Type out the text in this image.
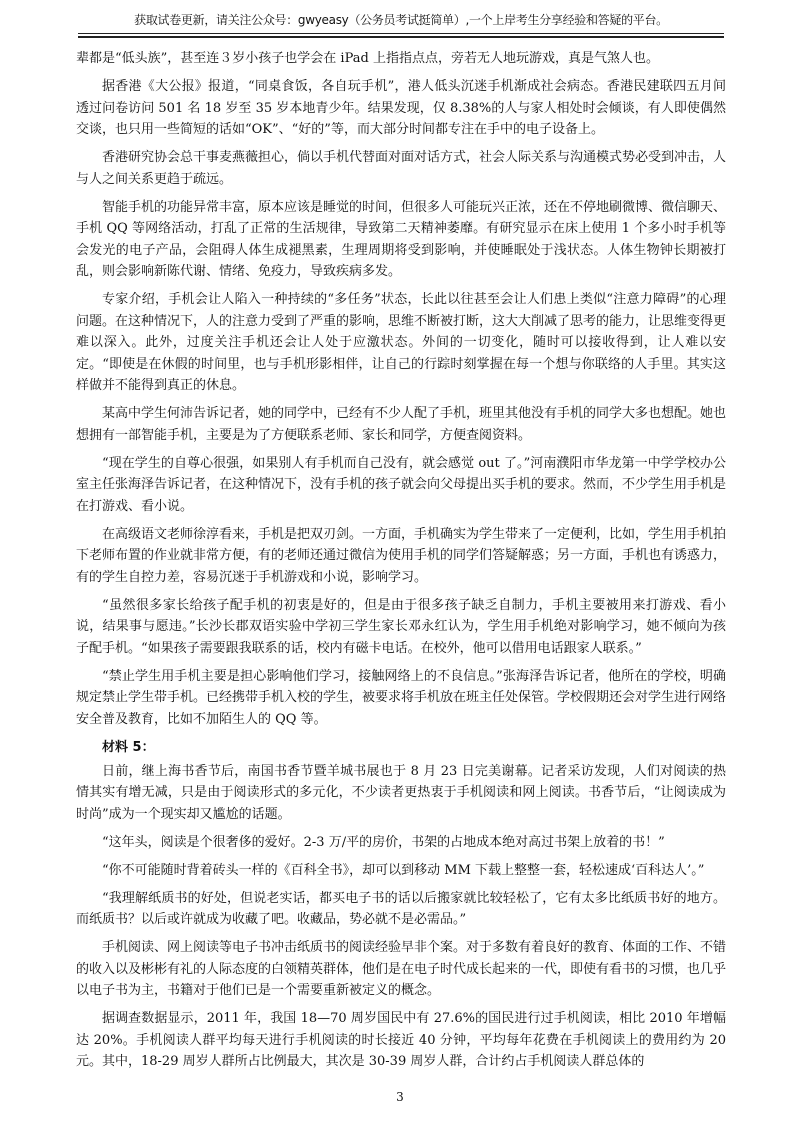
获取试卷更新，请关注公众号：gwyeasy（公务员考试挺简单）,一个上岸考生分享经验和答疑的平台。

辈都是“低头族”，甚至连３岁小孩子也学会在 iPad 上指指点点，旁若无人地玩游戏，真是气煞人也。

据香港《大公报》报道，“同桌食饭，各自玩手机”，港人低头沉迷手机渐成社会病态。香港民建联四五月间透过问卷访问 501 名 18 岁至 35 岁本地青少年。结果发现，仅 8.38%的人与家人相处时会倾谈，有人即使偶然交谈，也只用一些简短的话如“OK”、“好的”等，而大部分时间都专注在手中的电子设备上。

香港研究协会总干事麦燕薇担心，倘以手机代替面对面对话方式，社会人际关系与沟通模式势必受到冲击，人与人之间关系更趋于疏远。

智能手机的功能异常丰富，原本应该是睡觉的时间，但很多人可能玩兴正浓，还在不停地刷微博、微信聊天、手机 QQ 等网络活动，打乱了正常的生活规律，导致第二天精神萎靡。有研究显示在床上使用 1 个多小时手机等会发光的电子产品，会阻碍人体生成褪黑素，生理周期将受到影响，并使睡眠处于浅状态。人体生物钟长期被打乱，则会影响新陈代谢、情绪、免疫力，导致疾病多发。

专家介绍，手机会让人陷入一种持续的“多任务”状态，长此以往甚至会让人们患上类似“注意力障碍”的心理问题。在这种情况下，人的注意力受到了严重的影响，思维不断被打断，这大大削减了思考的能力，让思维变得更难以深入。此外，过度关注手机还会让人处于应激状态。外间的一切变化，随时可以接收得到，让人难以安定。“即使是在休假的时间里，也与手机形影相伴，让自己的行踪时刻掌握在每一个想与你联络的人手里。其实这样做并不能得到真正的休息。

某高中学生何沛告诉记者，她的同学中，已经有不少人配了手机，班里其他没有手机的同学大多也想配。她也想拥有一部智能手机，主要是为了方便联系老师、家长和同学，方便查阅资料。

“现在学生的自尊心很强，如果别人有手机而自己没有，就会感觉 out 了。”河南濮阳市华龙第一中学学校办公室主任张海泽告诉记者，在这种情况下，没有手机的孩子就会向父母提出买手机的要求。然而，不少学生用手机是在打游戏、看小说。

在高级语文老师徐淳看来，手机是把双刃剑。一方面，手机确实为学生带来了一定便利，比如，学生用手机拍下老师布置的作业就非常方便，有的老师还通过微信为使用手机的同学们答疑解惑；另一方面，手机也有诱惑力，有的学生自控力差，容易沉迷于手机游戏和小说，影响学习。

“虽然很多家长给孩子配手机的初衷是好的，但是由于很多孩子缺乏自制力，手机主要被用来打游戏、看小说，结果事与愿违。”长沙长郡双语实验中学初三学生家长邓永红认为，学生用手机绝对影响学习，她不倾向为孩子配手机。“如果孩子需要跟我联系的话，校内有磁卡电话。在校外，他可以借用电话跟家人联系。”

“禁止学生用手机主要是担心影响他们学习，接触网络上的不良信息。”张海泽告诉记者，他所在的学校，明确规定禁止学生带手机。已经携带手机入校的学生，被要求将手机放在班主任处保管。学校假期还会对学生进行网络安全普及教育，比如不加陌生人的 QQ 等。

材料 5：

日前，继上海书香节后，南国书香节暨羊城书展也于 8 月 23 日完美谢幕。记者采访发现，人们对阅读的热情其实有增无减，只是由于阅读形式的多元化，不少读者更热衷于手机阅读和网上阅读。书香节后，“让阅读成为时尚”成为一个现实却又尴尬的话题。

“这年头，阅读是个很奢侈的爱好。2-3 万/平的房价，书架的占地成本绝对高过书架上放着的书！”

“你不可能随时背着砖头一样的《百科全书》，却可以到移动 MM 下载上整整一套，轻松速成‘百科达人’。”

“我理解纸质书的好处，但说老实话，都买电子书的话以后搬家就比较轻松了，它有太多比纸质书好的地方。而纸质书？以后或许就成为收藏了吧。收藏品，势必就不是必需品。”

手机阅读、网上阅读等电子书冲击纸质书的阅读经验早非个案。对于多数有着良好的教育、体面的工作、不错的收入以及彬彬有礼的人际态度的白领精英群体，他们是在电子时代成长起来的一代，即使有看书的习惯，也几乎以电子书为主，书籍对于他们已是一个需要重新被定义的概念。

据调查数据显示，2011 年，我国 18—70 周岁国民中有 27.6%的国民进行过手机阅读，相比 2010 年增幅达 20%。手机阅读人群平均每天进行手机阅读的时长接近 40 分钟，平均每年花费在手机阅读上的费用约为 20 元。其中，18-29 周岁人群所占比例最大，其次是 30-39 周岁人群，合计约占手机阅读人群总体的

3
